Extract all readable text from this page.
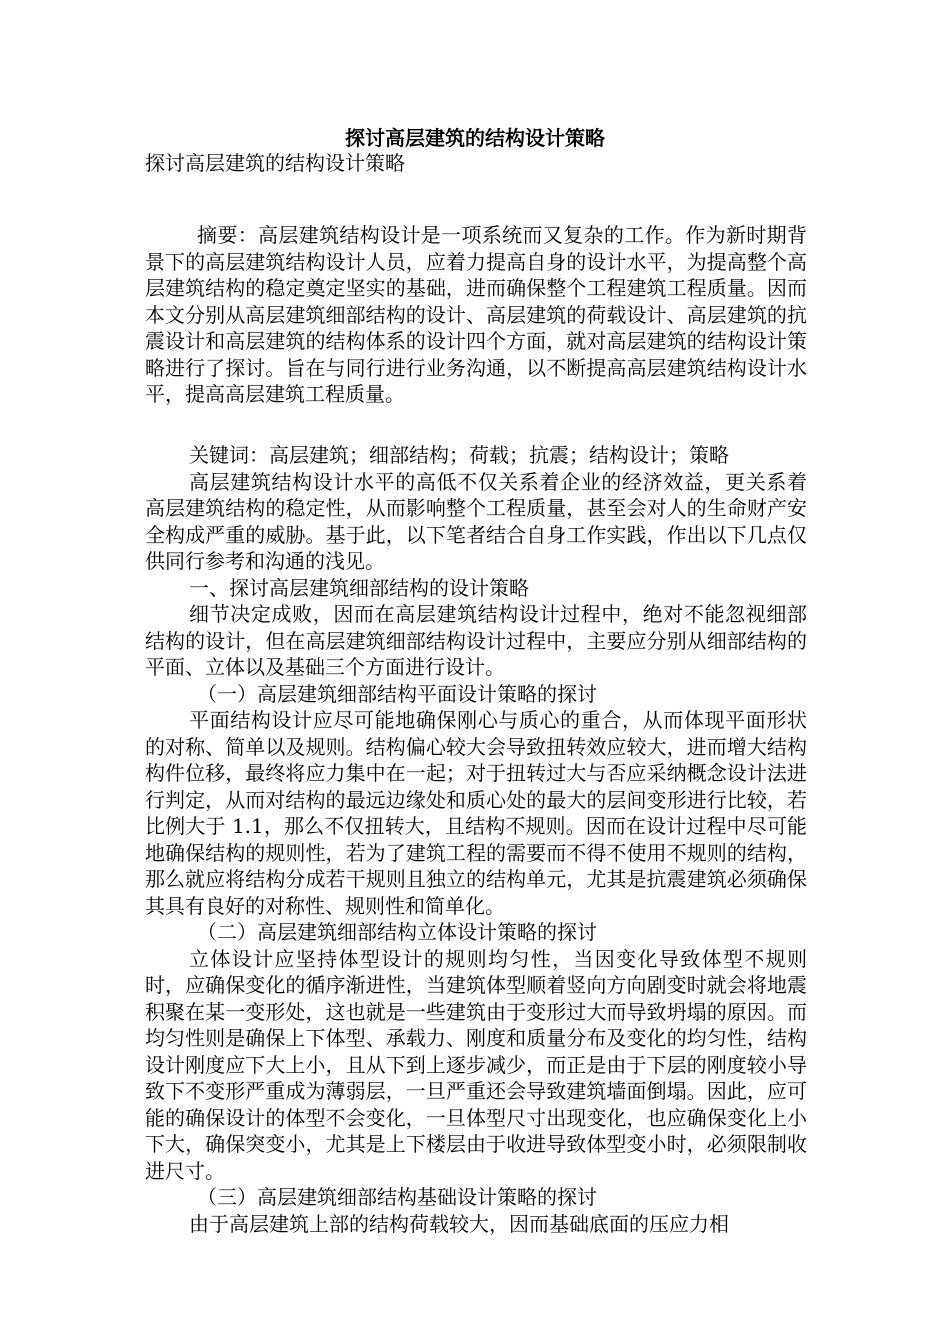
探讨高层建筑的结构设计策略

探讨高层建筑的结构设计策略

摘要：高层建筑结构设计是一项系统而又复杂的工作。作为新时期背景下的高层建筑结构设计人员，应着力提高自身的设计水平，为提高整个高层建筑结构的稳定奠定坚实的基础，进而确保整个工程建筑工程质量。因而本文分别从高层建筑细部结构的设计、高层建筑的荷载设计、高层建筑的抗震设计和高层建筑的结构体系的设计四个方面，就对高层建筑的结构设计策略进行了探讨。旨在与同行进行业务沟通，以不断提高高层建筑结构设计水平，提高高层建筑工程质量。

关键词：高层建筑；细部结构；荷载；抗震；结构设计；策略

高层建筑结构设计水平的高低不仅关系着企业的经济效益，更关系着高层建筑结构的稳定性，从而影响整个工程质量，甚至会对人的生命财产安全构成严重的威胁。基于此，以下笔者结合自身工作实践，作出以下几点仅供同行参考和沟通的浅见。

一、探讨高层建筑细部结构的设计策略

细节决定成败，因而在高层建筑结构设计过程中，绝对不能忽视细部结构的设计，但在高层建筑细部结构设计过程中，主要应分别从细部结构的平面、立体以及基础三个方面进行设计。

（一）高层建筑细部结构平面设计策略的探讨

平面结构设计应尽可能地确保刚心与质心的重合，从而体现平面形状的对称、简单以及规则。结构偏心较大会导致扭转效应较大，进而增大结构构件位移，最终将应力集中在一起；对于扭转过大与否应采纳概念设计法进行判定，从而对结构的最远边缘处和质心处的最大的层间变形进行比较，若比例大于 1.1，那么不仅扭转大，且结构不规则。因而在设计过程中尽可能地确保结构的规则性，若为了建筑工程的需要而不得不使用不规则的结构，那么就应将结构分成若干规则且独立的结构单元，尤其是抗震建筑必须确保其具有良好的对称性、规则性和简单化。

（二）高层建筑细部结构立体设计策略的探讨

立体设计应坚持体型设计的规则均匀性，当因变化导致体型不规则时，应确保变化的循序渐进性，当建筑体型顺着竖向方向剧变时就会将地震积聚在某一变形处，这也就是一些建筑由于变形过大而导致坍塌的原因。而均匀性则是确保上下体型、承载力、刚度和质量分布及变化的均匀性，结构设计刚度应下大上小，且从下到上逐步减少，而正是由于下层的刚度较小导致下不变形严重成为薄弱层，一旦严重还会导致建筑墙面倒塌。因此，应可能的确保设计的体型不会变化，一旦体型尺寸出现变化，也应确保变化上小下大，确保突变小，尤其是上下楼层由于收进导致体型变小时，必须限制收进尺寸。

（三）高层建筑细部结构基础设计策略的探讨

由于高层建筑上部的结构荷载较大，因而基础底面的压应力相
